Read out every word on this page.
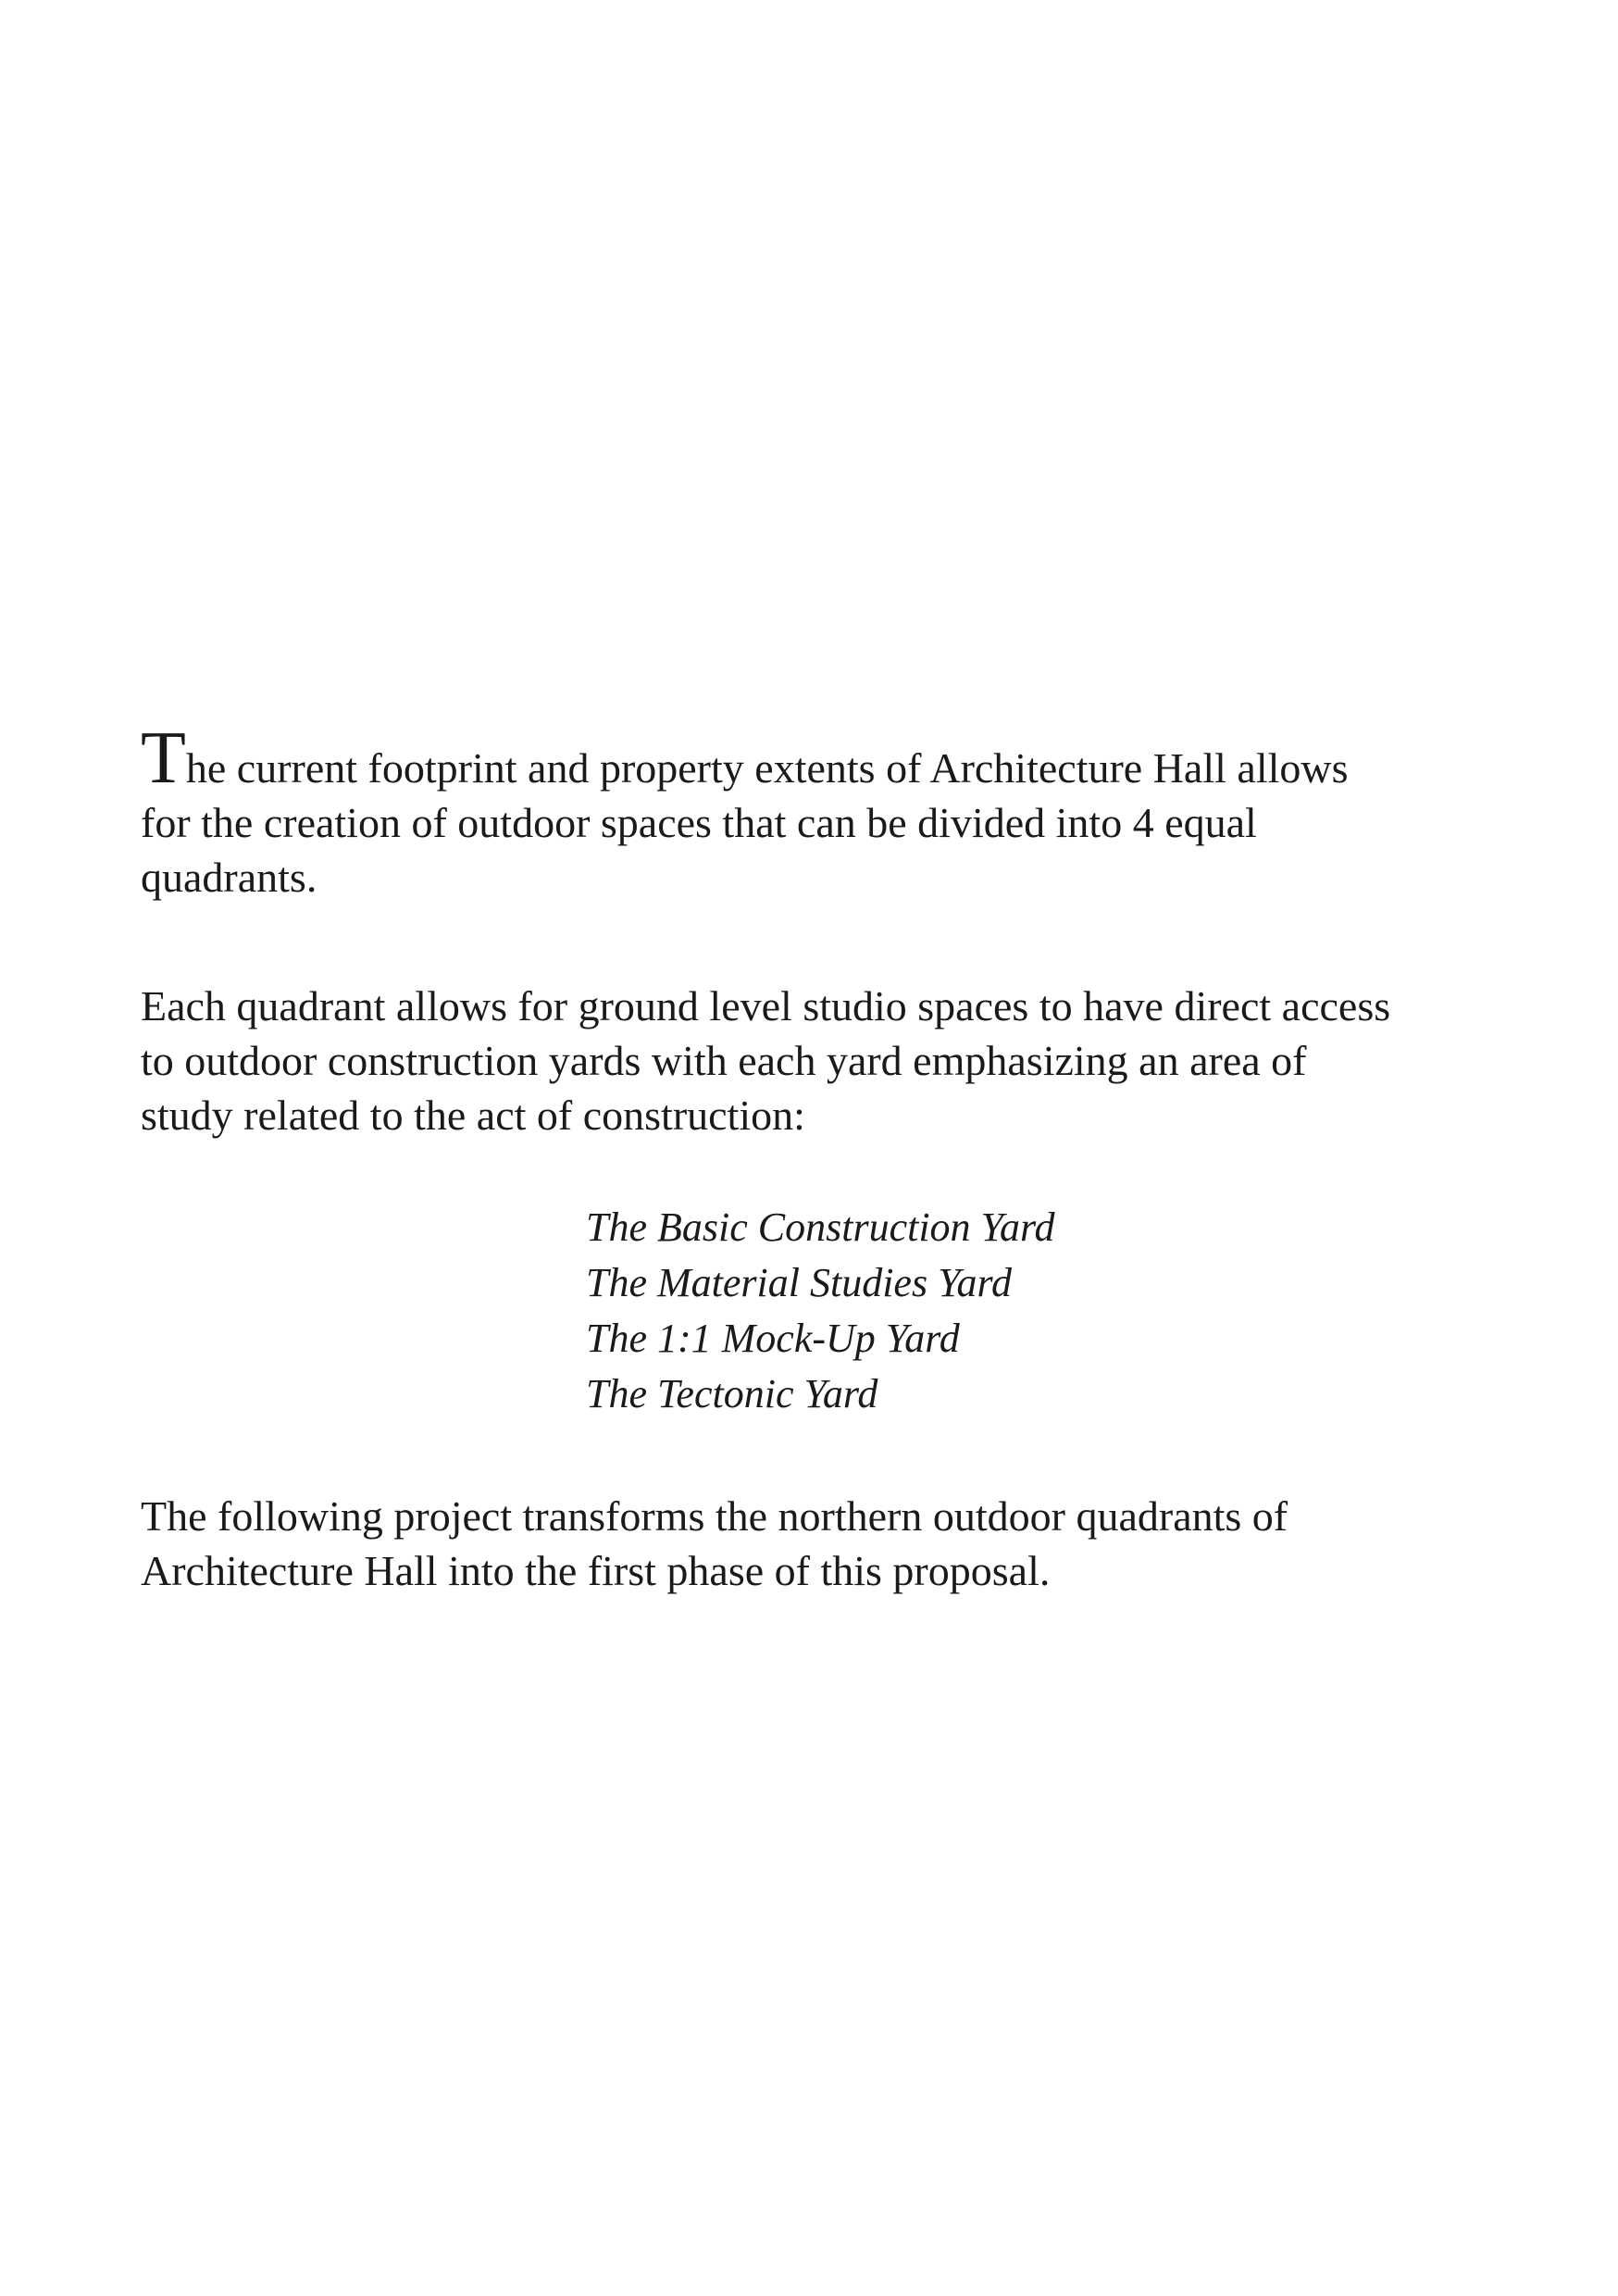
The current footprint and property extents of Architecture Hall allows
for the creation of outdoor spaces that can be divided into 4 equal
quadrants.

Each quadrant allows for ground level studio spaces to have direct access
to outdoor construction yards with each yard emphasizing an area of
study related to the act of construction:

The Basic Construction Yard
The Material Studies Yard
The 1:1 Mock-Up Yard
The Tectonic Yard

The following project transforms the northern outdoor quadrants of
Architecture Hall into the first phase of this proposal.
